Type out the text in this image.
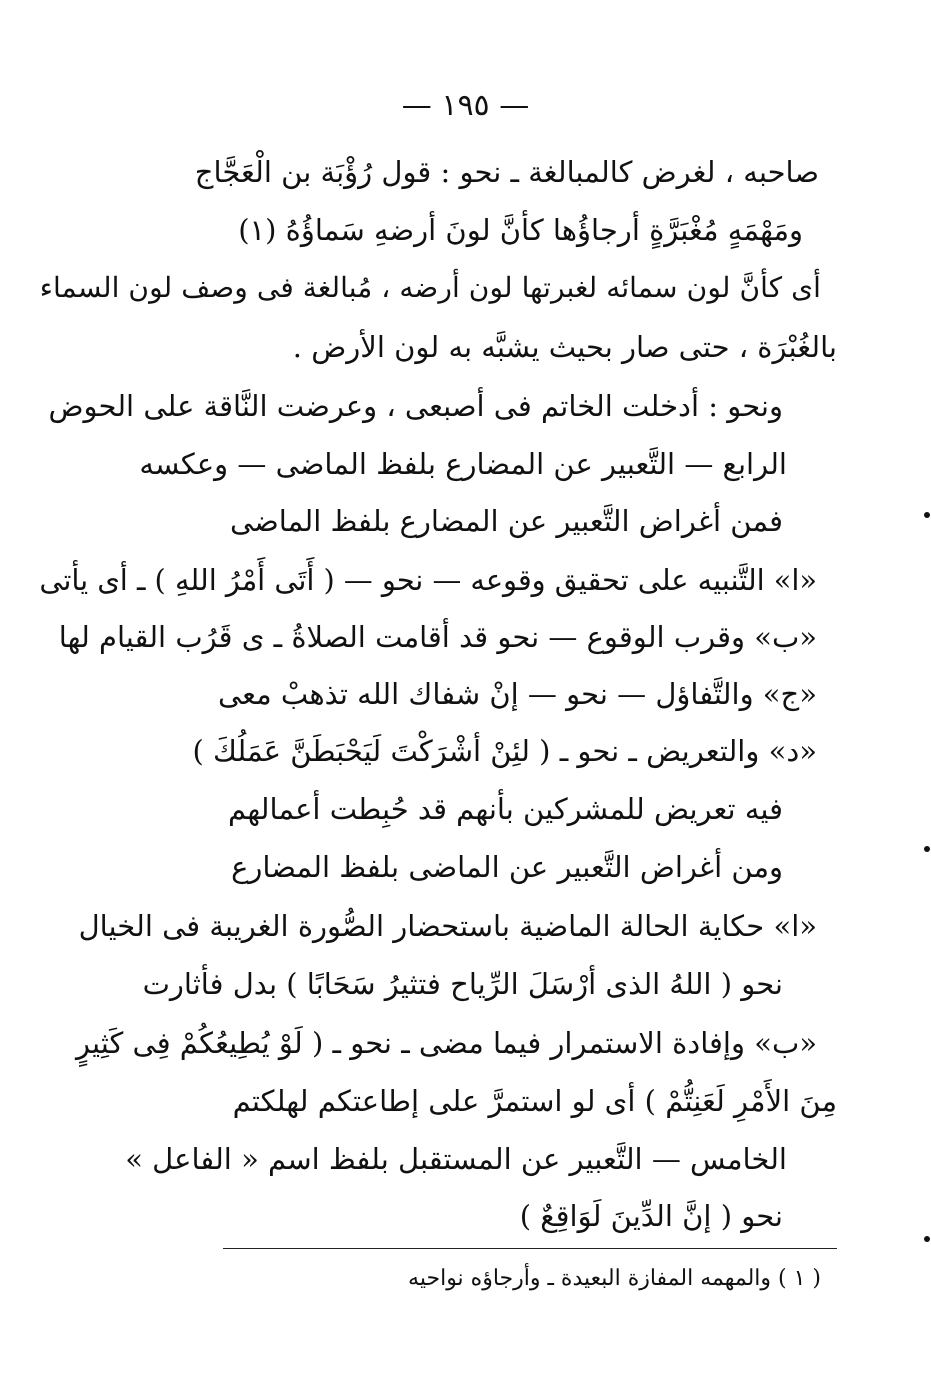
— ١٩٥ —
صاحبه ، لغرض كالمبالغة ـ نحو : قول رُؤْبَة بن الْعَجَّاج
ومَهْمَهٍ مُغْبَرَّةٍ أرجاؤُها كأنَّ لونَ أرضهِ سَماؤُهُ (١)
أى كأنَّ لون سمائه لغبرتها لون أرضه ، مُبالغة فى وصف لون السماء
بالغُبْرَة ، حتى صار بحيث يشبَّه به لون الأرض .
ونحو : أدخلت الخاتم فى أصبعى ، وعرضت النَّاقة على الحوض
الرابع — التَّعبير عن المضارع بلفظ الماضى — وعكسه
فمن أغراض التَّعبير عن المضارع بلفظ الماضى
«ا» التَّنبيه على تحقيق وقوعه — نحو — ( أَتَى أَمْرُ اللهِ ) ـ أى يأتى
«ب» وقرب الوقوع — نحو قد أقامت الصلاةُ ـ ى قَرُب القيام لها
«ج» والتَّفاؤل — نحو — إنْ شفاك الله تذهبْ معى
«د» والتعريض ـ نحو ـ ( لئِنْ أشْرَكْتَ لَيَحْبَطَنَّ عَمَلُكَ )
فيه تعريض للمشركين بأنهم قد حُبِطت أعمالهم
ومن أغراض التَّعبير عن الماضى بلفظ المضارع
«ا» حكاية الحالة الماضية باستحضار الصُّورة الغريبة فى الخيال
نحو ( اللهُ الذى أرْسَلَ الرِّياح فتثيرُ سَحَابًا ) بدل فأثارت
«ب» وإفادة الاستمرار فيما مضى ـ نحو ـ ( لَوْ يُطِيعُكُمْ فِى كَثِيرٍ
مِنَ الأَمْرِ لَعَنِتُّمْ ) أى لو استمرَّ على إطاعتكم لهلكتم
الخامس — التَّعبير عن المستقبل بلفظ اسم « الفاعل »
نحو ( إنَّ الدِّينَ لَوَاقِعٌ )
( ١ ) والمهمه المفازة البعيدة ـ وأرجاؤه نواحيه
